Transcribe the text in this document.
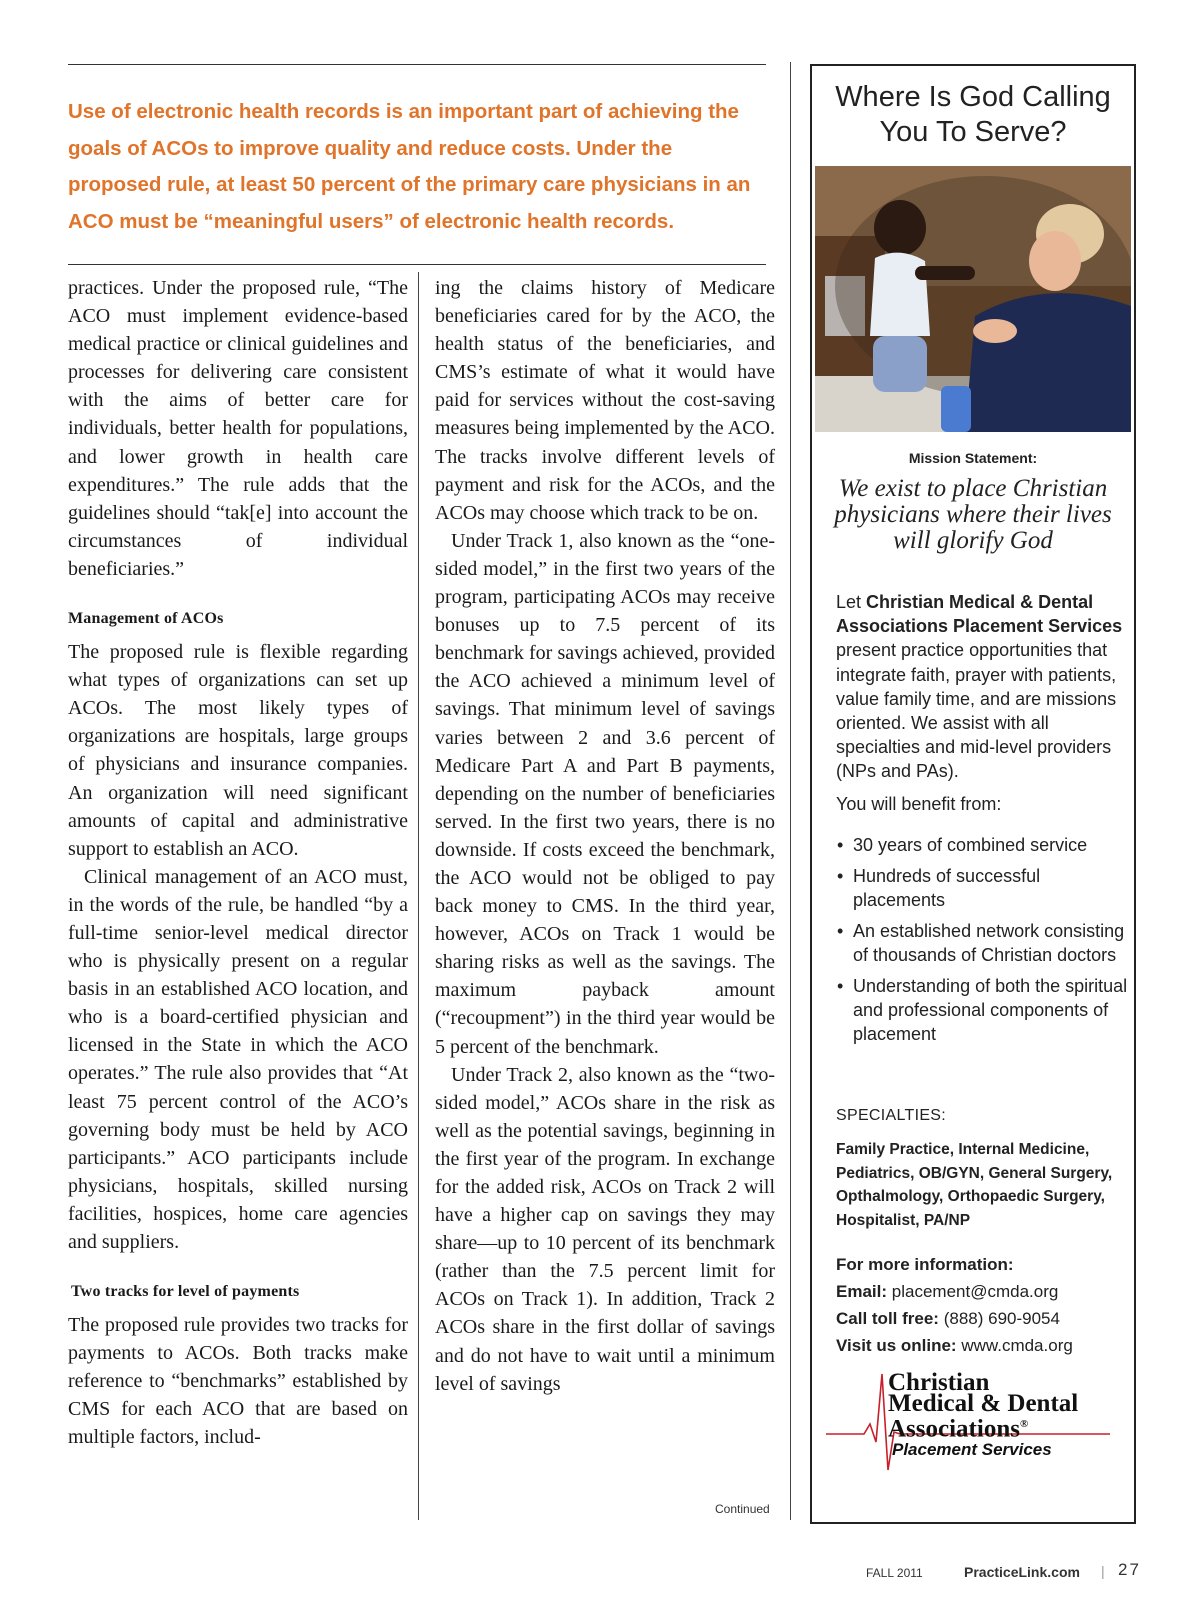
Use of electronic health records is an important part of achieving the goals of ACOs to improve quality and reduce costs. Under the proposed rule, at least 50 percent of the primary care physicians in an ACO must be “meaningful users” of electronic health records.

practices. Under the proposed rule, “The ACO must implement evidence-based medical practice or clinical guidelines and processes for delivering care consistent with the aims of better care for individuals, better health for populations, and lower growth in health care expenditures.” The rule adds that the guidelines should “tak[e] into account the circumstances of individual beneficiaries.”

Management of ACOs

The proposed rule is flexible regarding what types of organizations can set up ACOs. The most likely types of organizations are hospitals, large groups of physicians and insurance companies. An organization will need significant amounts of capital and administrative support to establish an ACO.

Clinical management of an ACO must, in the words of the rule, be handled “by a full-time senior-level medical director who is physically present on a regular basis in an established ACO location, and who is a board-certified physician and licensed in the State in which the ACO operates.” The rule also provides that “At least 75 percent control of the ACO’s governing body must be held by ACO participants.” ACO participants include physicians, hospitals, skilled nursing facilities, hospices, home care agencies and suppliers.

Two tracks for level of payments

The proposed rule provides two tracks for payments to ACOs. Both tracks make reference to “benchmarks” established by CMS for each ACO that are based on multiple factors, includ-

ing the claims history of Medicare beneficiaries cared for by the ACO, the health status of the beneficiaries, and CMS’s estimate of what it would have paid for services without the cost-saving measures being implemented by the ACO. The tracks involve different levels of payment and risk for the ACOs, and the ACOs may choose which track to be on.

Under Track 1, also known as the “one-sided model,” in the first two years of the program, participating ACOs may receive bonuses up to 7.5 percent of its benchmark for savings achieved, provided the ACO achieved a minimum level of savings. That minimum level of savings varies between 2 and 3.6 percent of Medicare Part A and Part B payments, depending on the number of beneficiaries served. In the first two years, there is no downside. If costs exceed the benchmark, the ACO would not be obliged to pay back money to CMS. In the third year, however, ACOs on Track 1 would be sharing risks as well as the savings. The maximum payback amount (“recoupment”) in the third year would be 5 percent of the benchmark.

Under Track 2, also known as the “two-sided model,” ACOs share in the risk as well as the potential savings, beginning in the first year of the program. In exchange for the added risk, ACOs on Track 2 will have a higher cap on savings they may share—up to 10 percent of its benchmark (rather than the 7.5 percent limit for ACOs on Track 1). In addition, Track 2 ACOs share in the first dollar of savings and do not have to wait until a minimum level of savings

Continued
Where Is God Calling You To Serve?
Mission Statement:
We exist to place Christian physicians where their lives will glorify God

Let Christian Medical & Dental Associations Placement Services present practice opportunities that integrate faith, prayer with patients, value family time, and are missions oriented. We assist with all specialties and mid-level providers (NPs and PAs).

You will benefit from:
• 30 years of combined service
• Hundreds of successful placements
• An established network consisting of thousands of Christian doctors
• Understanding of both the spiritual and professional components of placement
SPECIALTIES:
Family Practice, Internal Medicine, Pediatrics, OB/GYN, General Surgery, Opthalmology, Orthopaedic Surgery, Hospitalist, PA/NP
For more information:
Email: placement@cmda.org
Call toll free: (888) 690-9054
Visit us online: www.cmda.org
Christian
Medical & Dental
Associations®
Placement Services
FALL 2011	PracticeLink.com | 27
